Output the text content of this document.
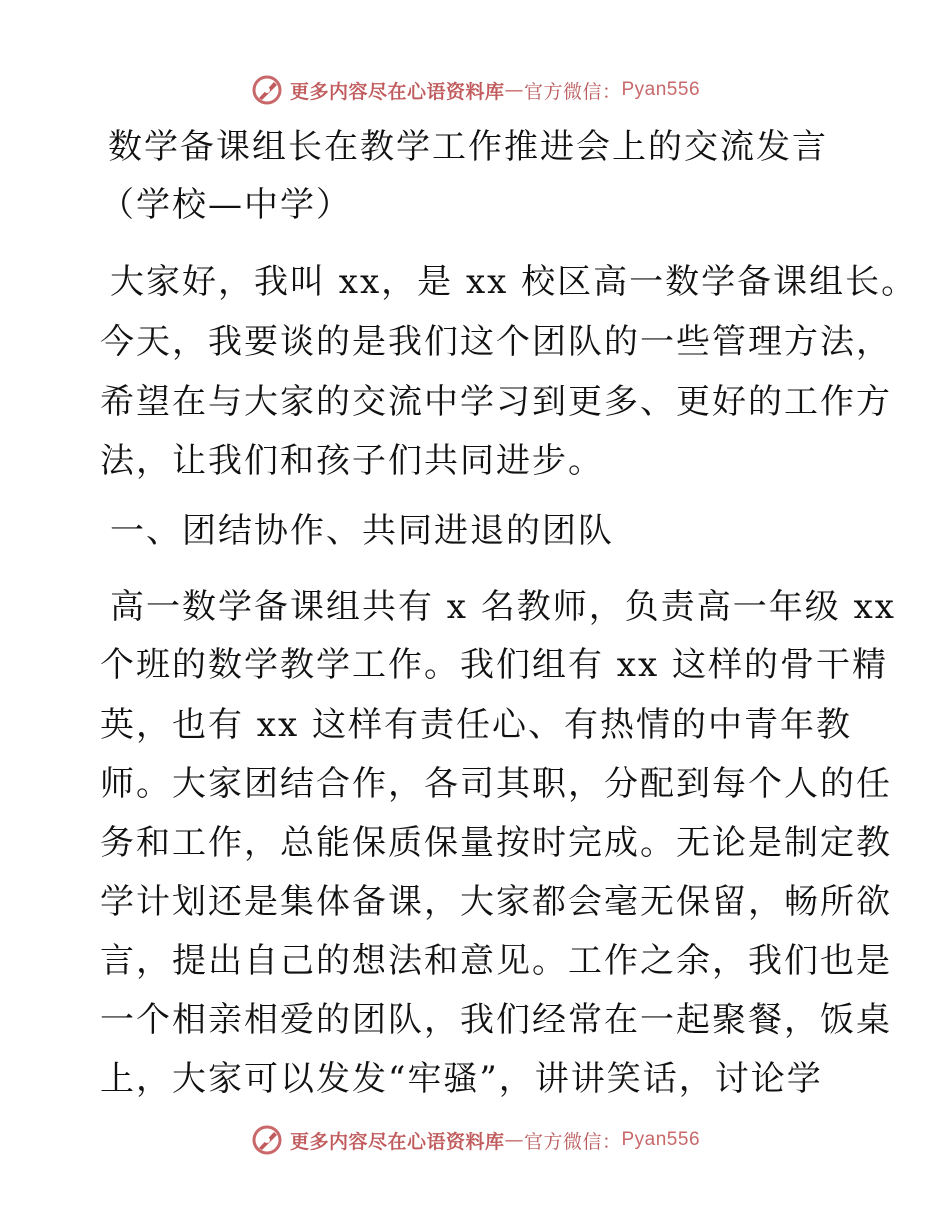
更多内容尽在心语资料库 — 官方微信： Pyan556
数学备课组长在教学工作推进会上的交流发言
（学校—中学）
大家好，我叫 xx，是 xx 校区高一数学备课组长。
今天，我要谈的是我们这个团队的一些管理方法，
希望在与大家的交流中学习到更多、更好的工作方
法，让我们和孩子们共同进步。
一、团结协作、共同进退的团队
高一数学备课组共有 x 名教师，负责高一年级 xx
个班的数学教学工作。我们组有 xx 这样的骨干精
英，也有 xx 这样有责任心、有热情的中青年教
师。大家团结合作，各司其职，分配到每个人的任
务和工作，总能保质保量按时完成。无论是制定教
学计划还是集体备课，大家都会毫无保留，畅所欲
言，提出自己的想法和意见。工作之余，我们也是
一个相亲相爱的团队，我们经常在一起聚餐，饭桌
上，大家可以发发“牢骚”，讲讲笑话，讨论学
更多内容尽在心语资料库 — 官方微信： Pyan556
